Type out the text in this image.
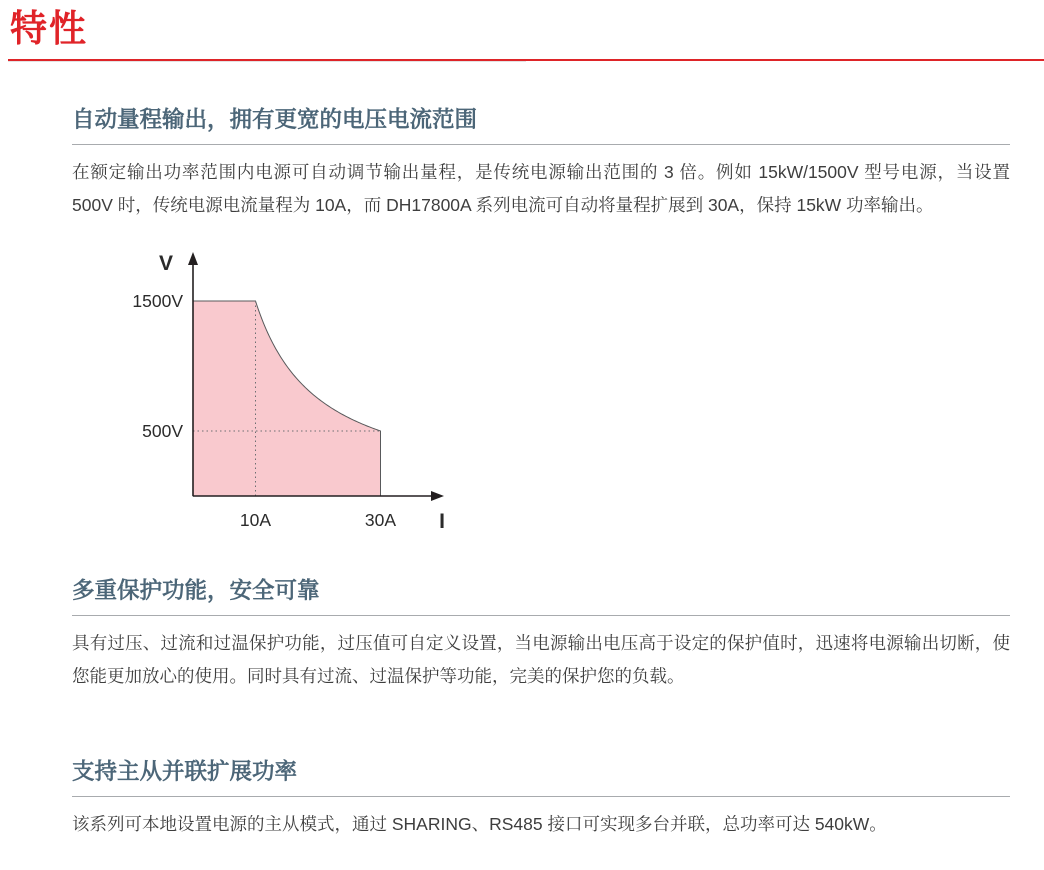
特性
自动量程输出，拥有更宽的电压电流范围

在额定输出功率范围内电源可自动调节输出量程，是传统电源输出范围的 3 倍。例如 15kW/1500V 型号电源，当设置 500V 时，传统电源电流量程为 10A，而 DH17800A 系列电流可自动将量程扩展到 30A，保持 15kW 功率输出。

V
I
1500V
500V
10A	30A
多重保护功能，安全可靠

具有过压、过流和过温保护功能，过压值可自定义设置，当电源输出电压高于设定的保护值时，迅速将电源输出切断，使您能更加放心的使用。同时具有过流、过温保护等功能，完美的保护您的负载。

支持主从并联扩展功率

该系列可本地设置电源的主从模式，通过 SHARING、RS485 接口可实现多台并联，总功率可达 540kW。
